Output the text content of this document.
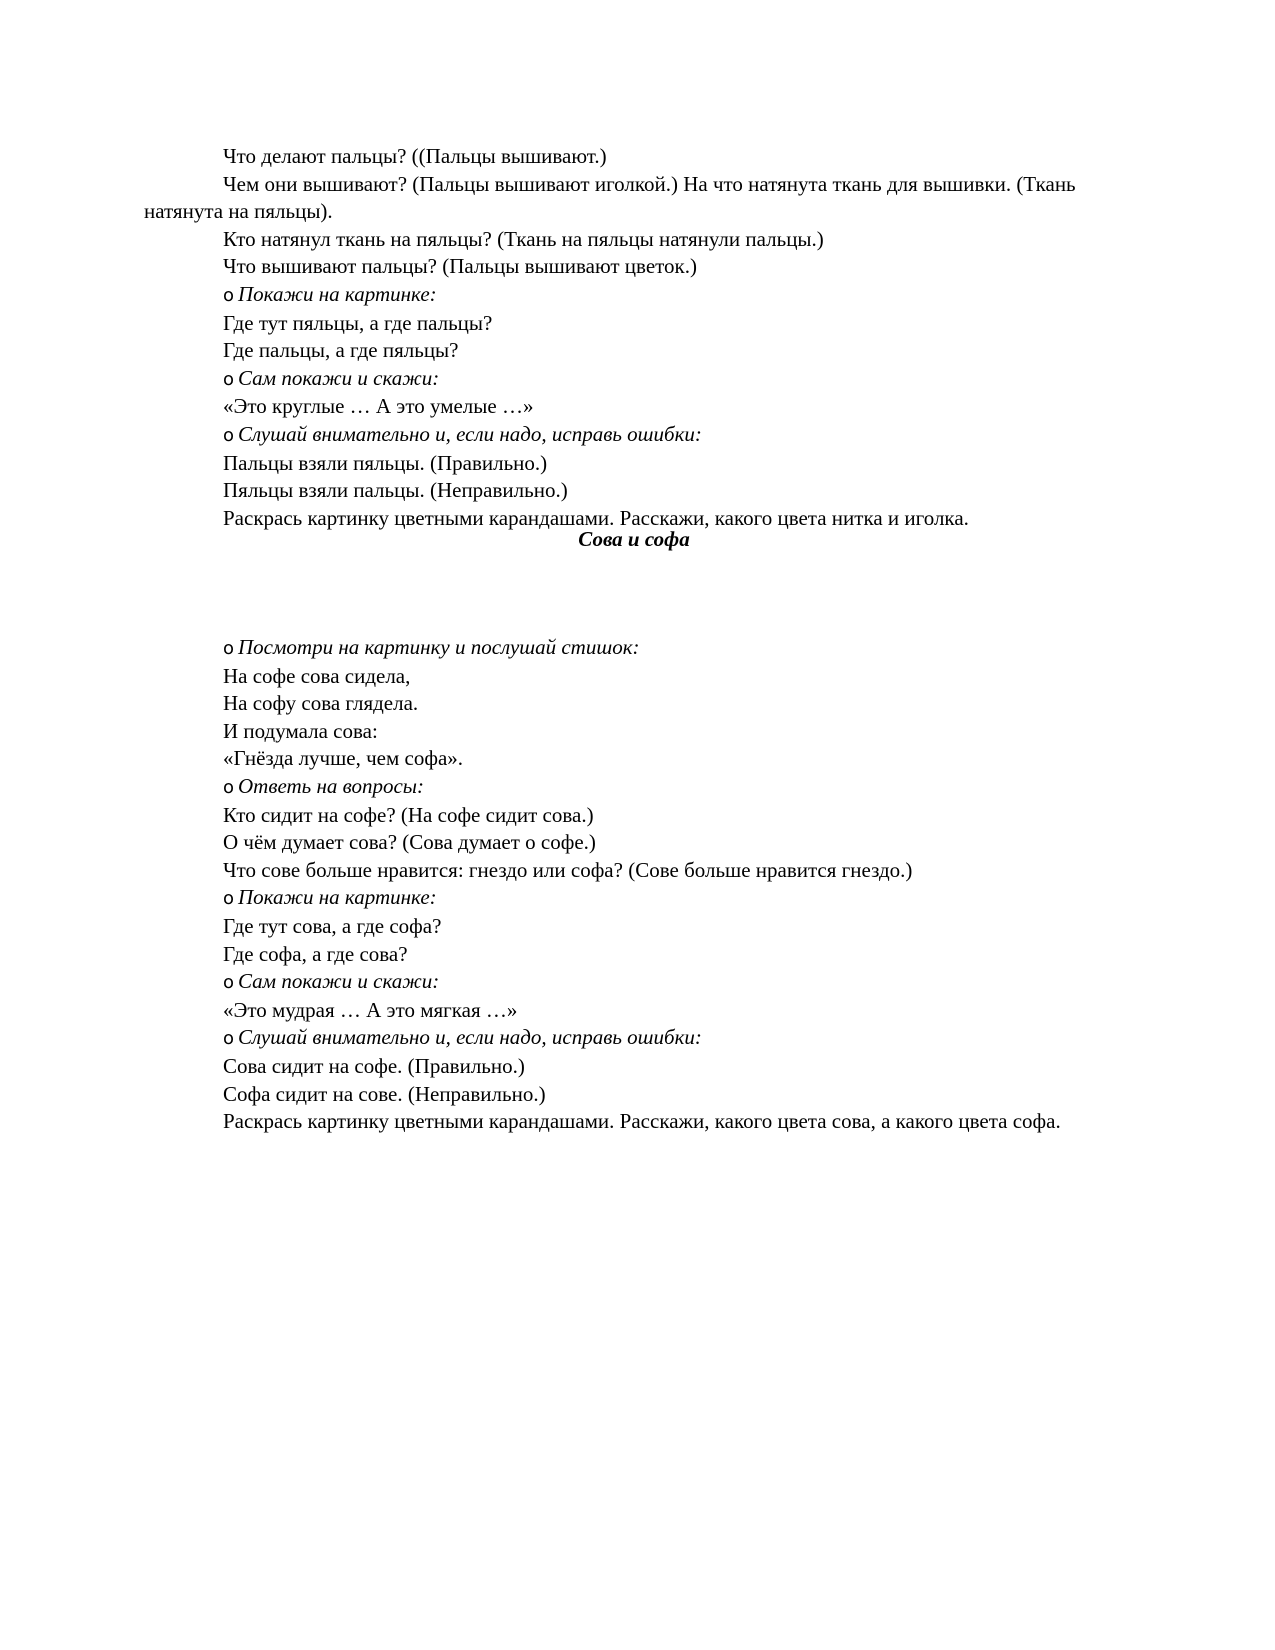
Что делают пальцы? ((Пальцы вышивают.)
Чем они вышивают? (Пальцы вышивают иголкой.) На что натянута ткань для вышивки. (Ткань натянута на пяльцы).
Кто натянул ткань на пяльцы? (Ткань на пяльцы натянули пальцы.)
Что вышивают пальцы? (Пальцы вышивают цветок.)
o Покажи на картинке:
Где тут пяльцы, а где пальцы?
Где пальцы, а где пяльцы?
o Сам покажи и скажи:
«Это круглые … А это умелые …»
o Слушай внимательно и, если надо, исправь ошибки:
Пальцы взяли пяльцы. (Правильно.)
Пяльцы взяли пальцы. (Неправильно.)
Раскрась картинку цветными карандашами. Расскажи, какого цвета нитка и иголка.
Сова и софа
o Посмотри на картинку и послушай стишок:
На софе сова сидела,
На софу сова глядела.
И подумала сова:
«Гнёзда лучше, чем софа».
o Ответь на вопросы:
Кто сидит на софе? (На софе сидит сова.)
О чём думает сова? (Сова думает о софе.)
Что сове больше нравится: гнездо или софа? (Сове больше нравится гнездо.)
o Покажи на картинке:
Где тут сова, а где софа?
Где софа, а где сова?
o Сам покажи и скажи:
«Это мудрая … А это мягкая …»
o Слушай внимательно и, если надо, исправь ошибки:
Сова сидит на софе. (Правильно.)
Софа сидит на сове. (Неправильно.)
Раскрась картинку цветными карандашами. Расскажи, какого цвета сова, а какого цвета софа.
